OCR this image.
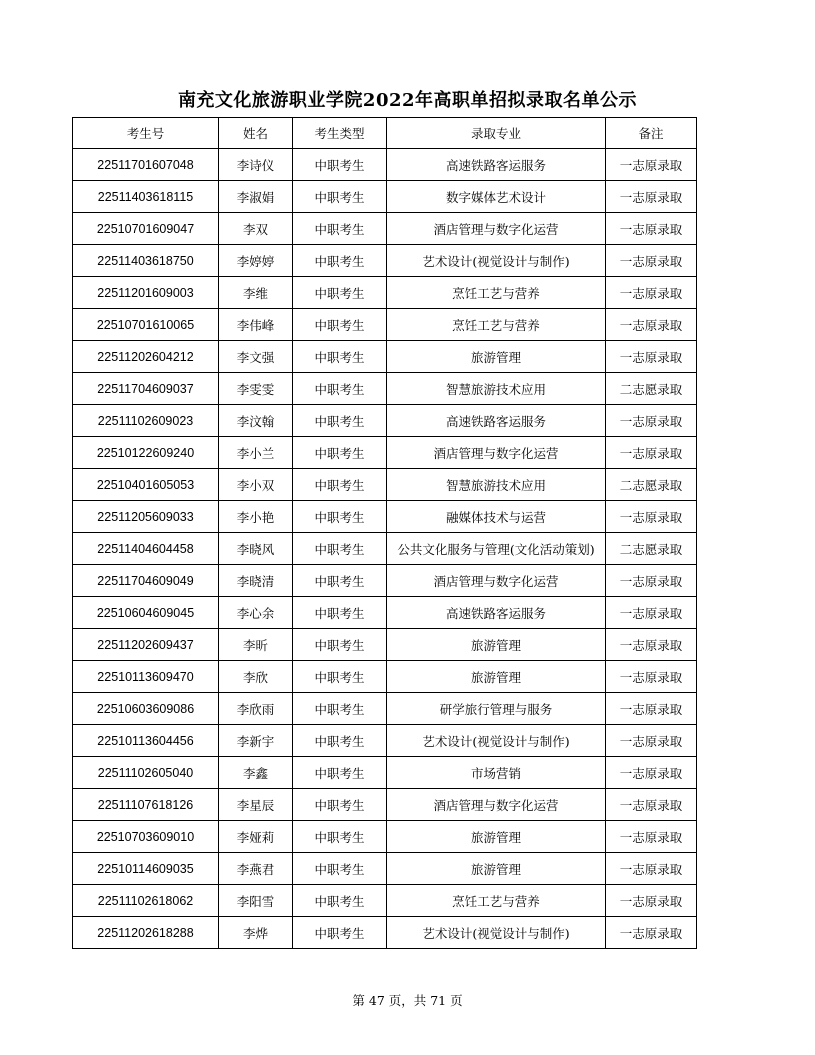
南充文化旅游职业学院2022年高职单招拟录取名单公示
考生号	姓名	考生类型	录取专业	备注
22511701607048	李诗仪	中职考生	高速铁路客运服务	一志原录取
22511403618115	李淑娟	中职考生	数字媒体艺术设计	一志原录取
22510701609047	李双	中职考生	酒店管理与数字化运营	一志原录取
22511403618750	李婷婷	中职考生	艺术设计(视觉设计与制作)	一志原录取
22511201609003	李维	中职考生	烹饪工艺与营养	一志原录取
22510701610065	李伟峰	中职考生	烹饪工艺与营养	一志原录取
22511202604212	李文强	中职考生	旅游管理	一志原录取
22511704609037	李雯雯	中职考生	智慧旅游技术应用	二志愿录取
22511102609023	李汶翰	中职考生	高速铁路客运服务	一志原录取
22510122609240	李小兰	中职考生	酒店管理与数字化运营	一志原录取
22510401605053	李小双	中职考生	智慧旅游技术应用	二志愿录取
22511205609033	李小艳	中职考生	融媒体技术与运营	一志原录取
22511404604458	李晓风	中职考生	公共文化服务与管理(文化活动策划)	二志愿录取
22511704609049	李晓清	中职考生	酒店管理与数字化运营	一志原录取
22510604609045	李心余	中职考生	高速铁路客运服务	一志原录取
22511202609437	李昕	中职考生	旅游管理	一志原录取
22510113609470	李欣	中职考生	旅游管理	一志原录取
22510603609086	李欣雨	中职考生	研学旅行管理与服务	一志原录取
22510113604456	李新宇	中职考生	艺术设计(视觉设计与制作)	一志原录取
22511102605040	李鑫	中职考生	市场营销	一志原录取
22511107618126	李星辰	中职考生	酒店管理与数字化运营	一志原录取
22510703609010	李娅莉	中职考生	旅游管理	一志原录取
22510114609035	李燕君	中职考生	旅游管理	一志原录取
22511102618062	李阳雪	中职考生	烹饪工艺与营养	一志原录取
22511202618288	李烨	中职考生	艺术设计(视觉设计与制作)	一志原录取
第 47 页，共 71 页
